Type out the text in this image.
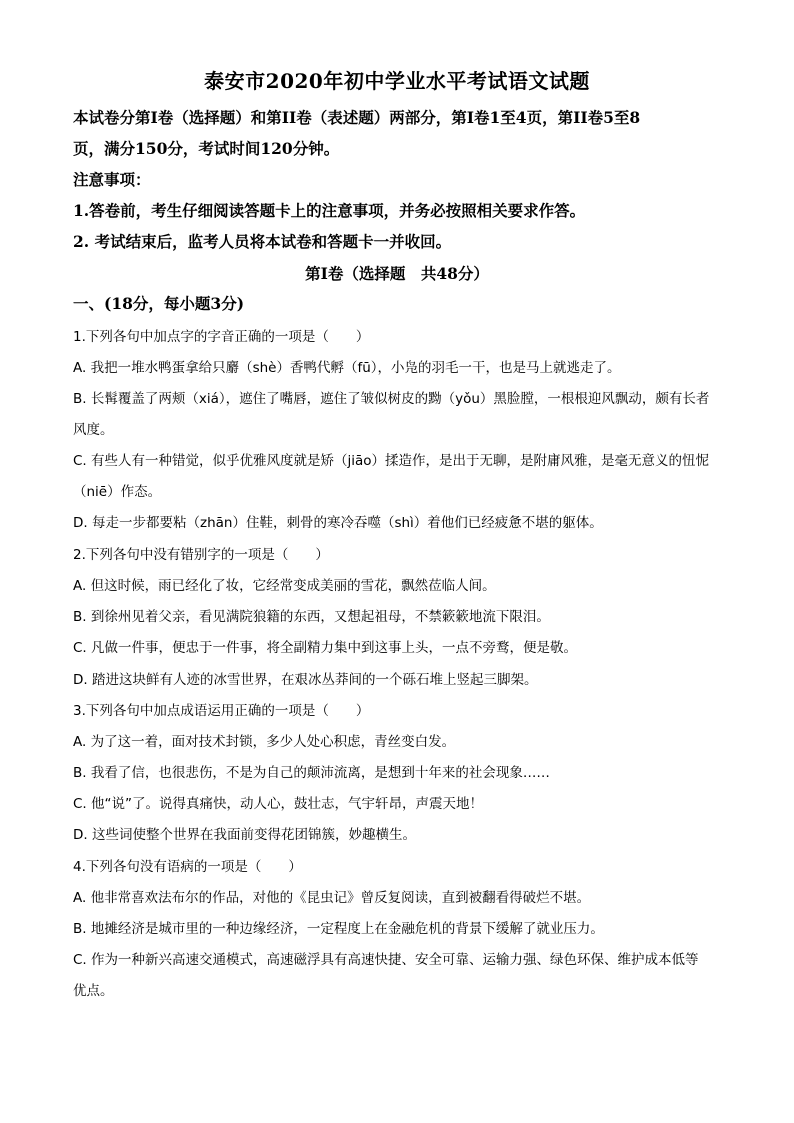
泰安市2020年初中学业水平考试语文试题
本试卷分第I卷（选择题）和第II卷（表述题）两部分，第I卷1至4页，第II卷5至8
页，满分150分，考试时间120分钟。
注意事项：
1.答卷前，考生仔细阅读答题卡上的注意事项，并务必按照相关要求作答。
2. 考试结束后，监考人员将本试卷和答题卡一并收回。
第I卷（选择题　共48分）
一、(18分，每小题3分)
1.下列各句中加点字的字音正确的一项是（　　）
A. 我把一堆水鸭蛋拿给只麝（shè）香鸭代孵（fū），小凫的羽毛一干，也是马上就逃走了。
B. 长髯覆盖了两颊（xiá），遮住了嘴唇，遮住了皱似树皮的黝（yǒu）黑脸膛，一根根迎风飘动，颇有长者
风度。
C. 有些人有一种错觉，似乎优雅风度就是矫（jiāo）揉造作，是出于无聊，是附庸风雅，是毫无意义的忸怩
（niē）作态。
D. 每走一步都要粘（zhān）住鞋，刺骨的寒冷吞噬（shì）着他们已经疲惫不堪的躯体。
2.下列各句中没有错别字的一项是（　　）
A. 但这时候，雨已经化了妆，它经常变成美丽的雪花，飘然莅临人间。
B. 到徐州见着父亲，看见满院狼籍的东西，又想起祖母，不禁簌簌地流下限泪。
C. 凡做一件事，便忠于一件事，将全副精力集中到这事上头，一点不旁鹜，便是敬。
D. 踏进这块鲜有人迹的冰雪世界，在艰冰丛莽间的一个砾石堆上竖起三脚架。
3.下列各句中加点成语运用正确的一项是（　　）
A. 为了这一着，面对技术封锁，多少人处心积虑，青丝变白发。
B. 我看了信，也很悲伤，不是为自己的颠沛流离，是想到十年来的社会现象……
C. 他“说”了。说得真痛快，动人心，鼓壮志，气宇轩昂，声震天地！
D. 这些词使整个世界在我面前变得花团锦簇，妙趣横生。
4.下列各句没有语病的一项是（　　）
A. 他非常喜欢法布尔的作品，对他的《昆虫记》曾反复阅读，直到被翻看得破烂不堪。
B. 地摊经济是城市里的一种边缘经济，一定程度上在金融危机的背景下缓解了就业压力。
C. 作为一种新兴高速交通模式，高速磁浮具有高速快捷、安全可靠、运输力强、绿色环保、维护成本低等
优点。
